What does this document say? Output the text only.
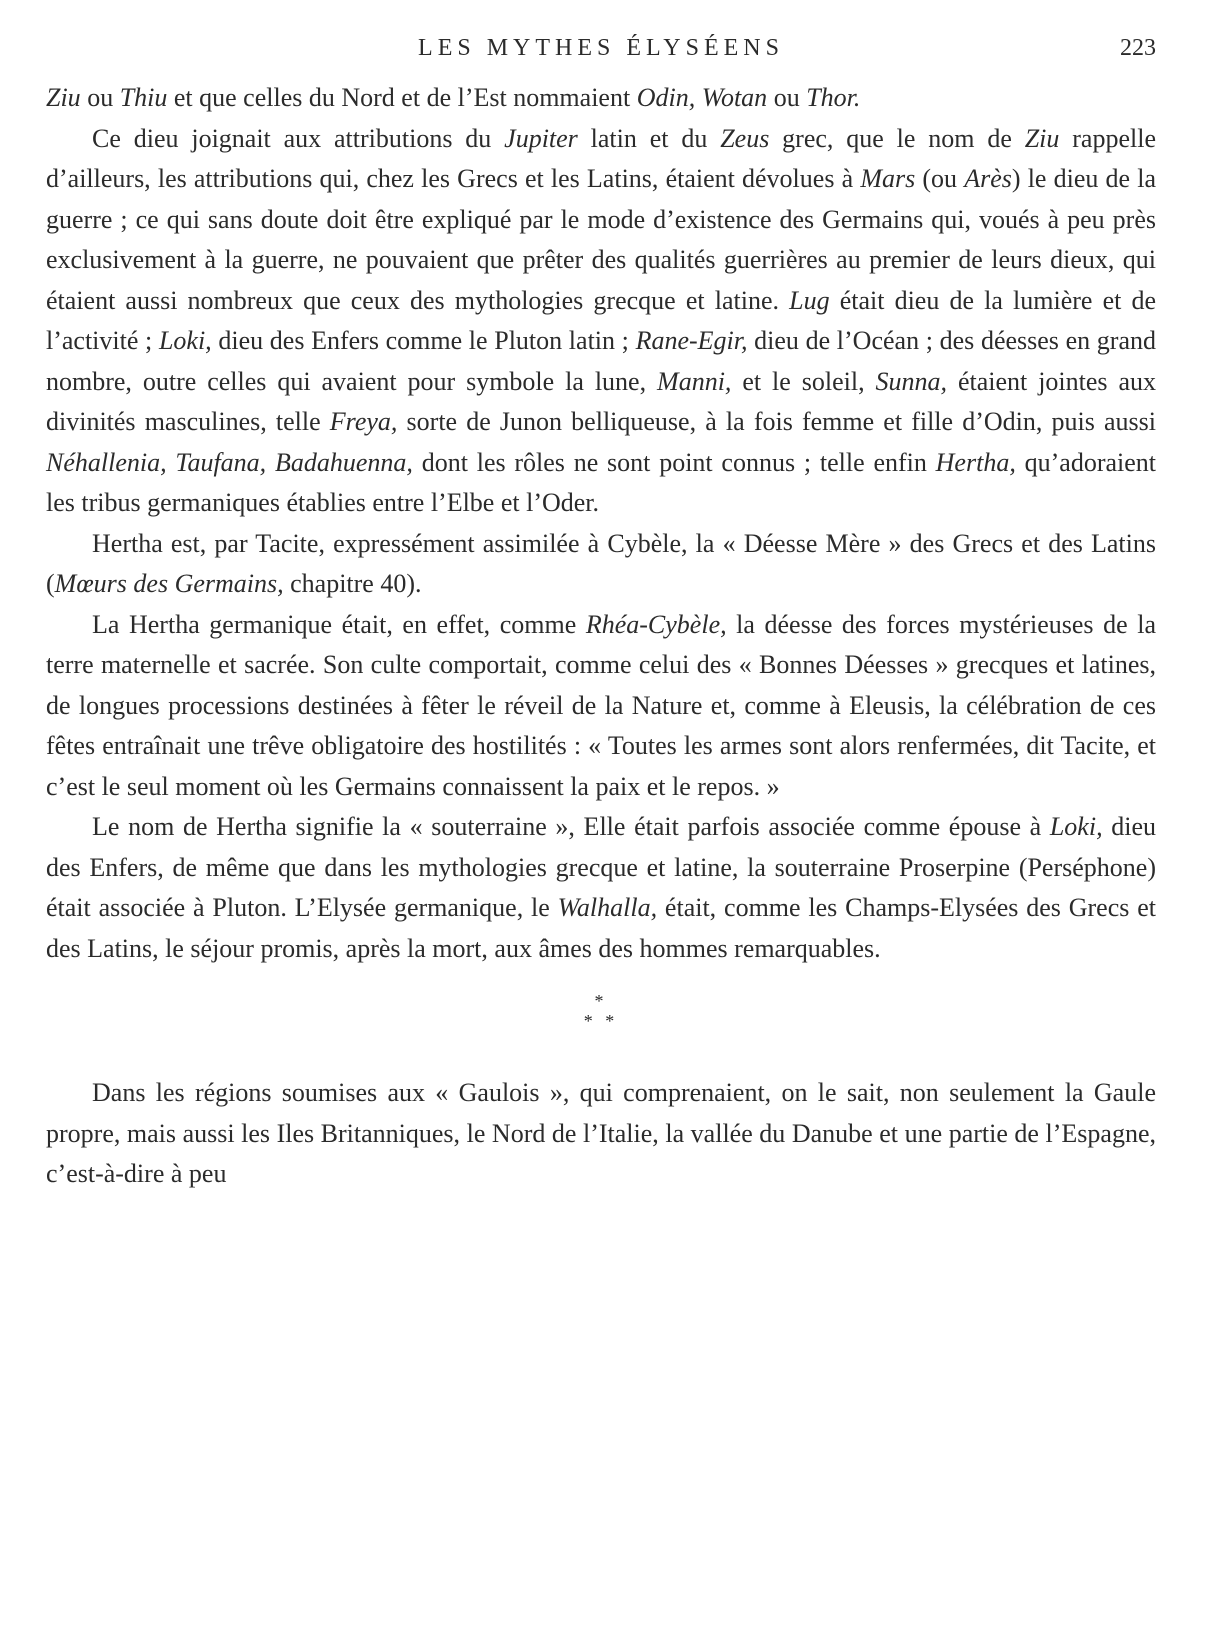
LES MYTHES ÉLYSÉENS	223

Ziu ou Thiu et que celles du Nord et de l’Est nommaient Odin, Wotan ou Thor.

Ce dieu joignait aux attributions du Jupiter latin et du Zeus grec, que le nom de Ziu rappelle d’ailleurs, les attributions qui, chez les Grecs et les Latins, étaient dévolues à Mars (ou Arès) le dieu de la guerre ; ce qui sans doute doit être expliqué par le mode d’existence des Germains qui, voués à peu près exclusivement à la guerre, ne pouvaient que prêter des qualités guerrières au premier de leurs dieux, qui étaient aussi nombreux que ceux des mythologies grecque et latine. Lug était dieu de la lumière et de l’activité ; Loki, dieu des Enfers comme le Pluton latin ; Rane-Egir, dieu de l’Océan ; des déesses en grand nombre, outre celles qui avaient pour symbole la lune, Manni, et le soleil, Sunna, étaient jointes aux divinités masculines, telle Freya, sorte de Junon belliqueuse, à la fois femme et fille d’Odin, puis aussi Néhallenia, Taufana, Badahuenna, dont les rôles ne sont point connus ; telle enfin Hertha, qu’adoraient les tribus germaniques établies entre l’Elbe et l’Oder.

Hertha est, par Tacite, expressément assimilée à Cybèle, la « Déesse Mère » des Grecs et des Latins (Mœurs des Germains, chapitre 40).

La Hertha germanique était, en effet, comme Rhéa-Cybèle, la déesse des forces mystérieuses de la terre maternelle et sacrée. Son culte comportait, comme celui des « Bonnes Déesses » grecques et latines, de longues processions destinées à fêter le réveil de la Nature et, comme à Eleusis, la célébration de ces fêtes entraînait une trêve obligatoire des hostilités : « Toutes les armes sont alors renfermées, dit Tacite, et c’est le seul moment où les Germains connaissent la paix et le repos. »

Le nom de Hertha signifie la « souterraine », Elle était parfois associée comme épouse à Loki, dieu des Enfers, de même que dans les mythologies grecque et latine, la souterraine Proserpine (Perséphone) était associée à Pluton. L’Elysée germanique, le Walhalla, était, comme les Champs-Elysées des Grecs et des Latins, le séjour promis, après la mort, aux âmes des hommes remarquables.

*
* *

Dans les régions soumises aux « Gaulois », qui comprenaient, on le sait, non seulement la Gaule propre, mais aussi les Iles Britanniques, le Nord de l’Italie, la vallée du Danube et une partie de l’Espagne, c’est-à-dire à peu
